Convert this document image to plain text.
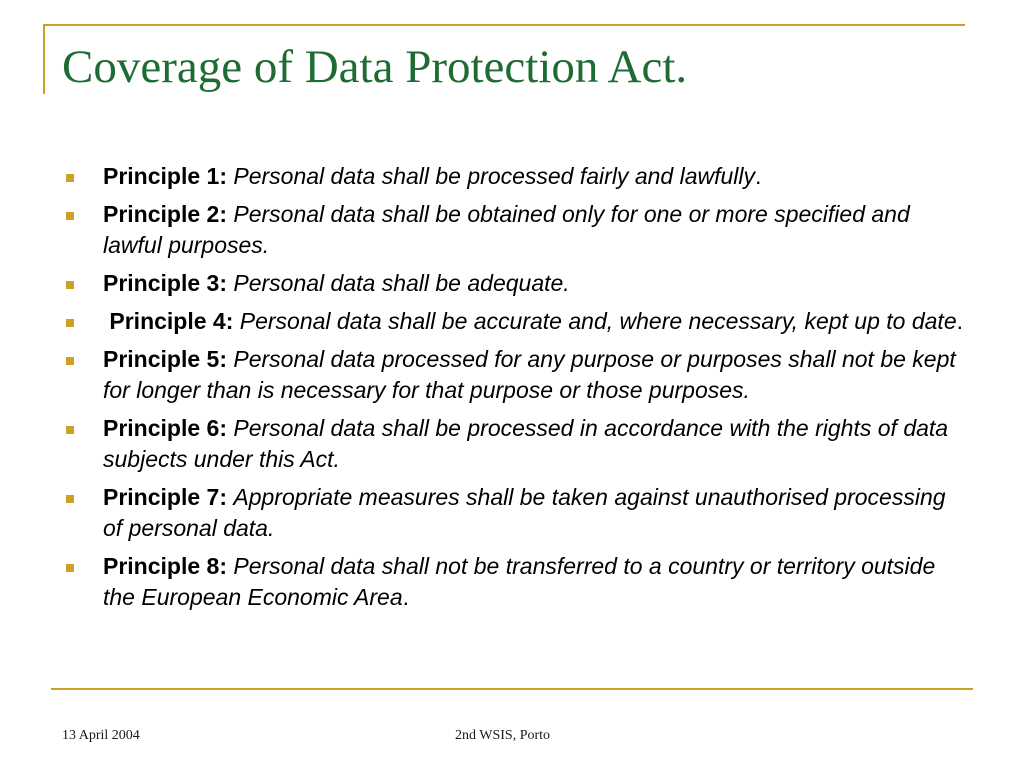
Coverage of Data Protection Act.
Principle 1: Personal data shall be processed fairly and lawfully.
Principle 2: Personal data shall be obtained only for one or more specified and lawful purposes.
Principle 3: Personal data shall be adequate.
Principle 4: Personal data shall be accurate and, where necessary, kept up to date.
Principle 5: Personal data processed for any purpose or purposes shall not be kept for longer than is necessary for that purpose or those purposes.
Principle 6: Personal data shall be processed in accordance with the rights of data subjects under this Act.
Principle 7: Appropriate measures shall be taken against unauthorised processing of personal data.
Principle 8: Personal data shall not be transferred to a country or territory outside the European Economic Area.
13 April 2004	2nd WSIS, Porto
